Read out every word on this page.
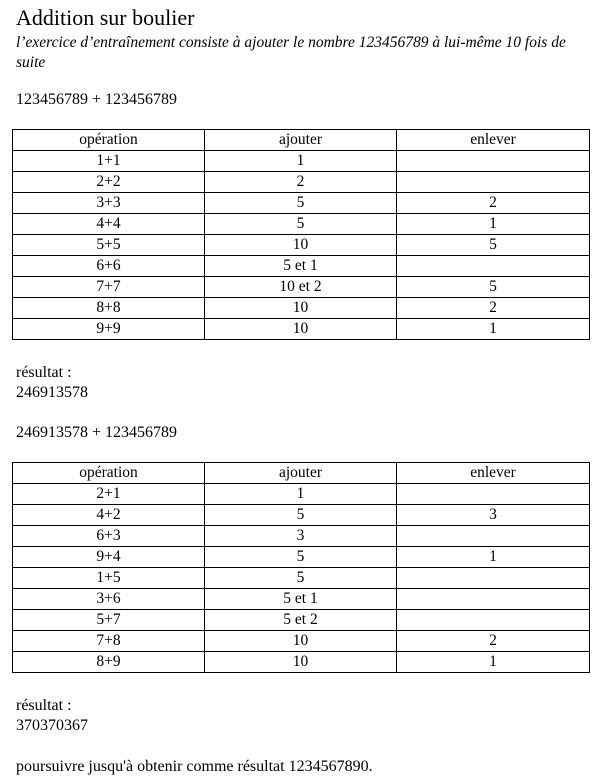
Addition sur boulier
l’exercice d’entraînement consiste à ajouter le nombre 123456789 à lui-même 10 fois de suite
123456789 + 123456789
opération	ajouter	enlever
1+1	1	
2+2	2	
3+3	5	2
4+4	5	1
5+5	10	5
6+6	5 et 1	
7+7	10 et 2	5
8+8	10	2
9+9	10	1
résultat :
246913578
246913578 + 123456789
opération	ajouter	enlever
2+1	1	
4+2	5	3
6+3	3	
9+4	5	1
1+5	5	
3+6	5 et 1	
5+7	5 et 2	
7+8	10	2
8+9	10	1
résultat :
370370367
poursuivre jusqu'à obtenir comme résultat 1234567890.
